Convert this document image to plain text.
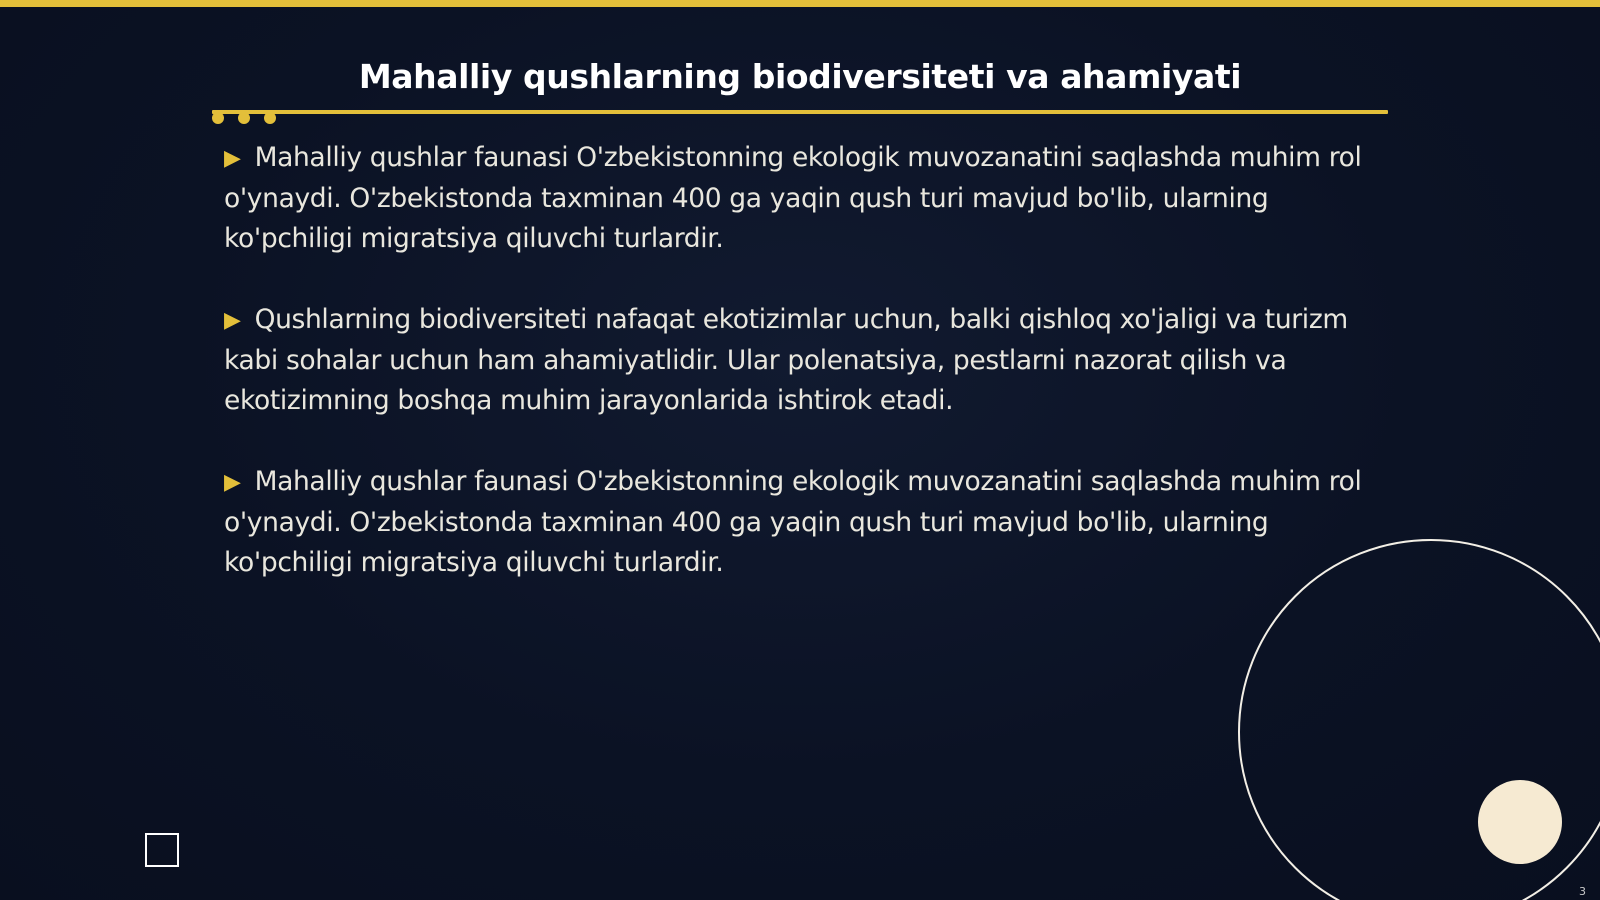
Mahalliy qushlarning biodiversiteti va ahamiyati
▶ Mahalliy qushlar faunasi O'zbekistonning ekologik muvozanatini saqlashda muhim rol o'ynaydi. O'zbekistonda taxminan 400 ga yaqin qush turi mavjud bo'lib, ularning ko'pchiligi migratsiya qiluvchi turlardir.
▶ Qushlarning biodiversiteti nafaqat ekotizimlar uchun, balki qishloq xo'jaligi va turizm kabi sohalar uchun ham ahamiyatlidir. Ular polenatsiya, pestlarni nazorat qilish va ekotizimning boshqa muhim jarayonlarida ishtirok etadi.
▶ Mahalliy qushlar faunasi O'zbekistonning ekologik muvozanatini saqlashda muhim rol o'ynaydi. O'zbekistonda taxminan 400 ga yaqin qush turi mavjud bo'lib, ularning ko'pchiligi migratsiya qiluvchi turlardir.
3
